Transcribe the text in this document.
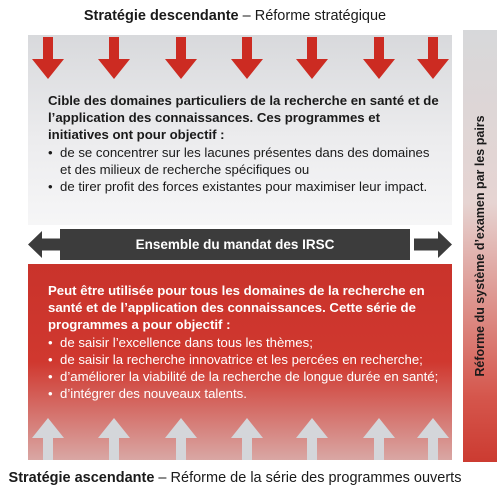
Stratégie descendante – Réforme stratégique
Cible des domaines particuliers de la recherche en santé et de l’application des connaissances. Ces programmes et initiatives ont pour objectif :
• de se concentrer sur les lacunes présentes dans des domaines et des milieux de recherche spécifiques ou
• de tirer profit des forces existantes pour maximiser leur impact.
Ensemble du mandat des IRSC
Peut être utilisée pour tous les domaines de la recherche en santé et de l’application des connaissances. Cette série de programmes a pour objectif :
• de saisir l’excellence dans tous les thèmes;
• de saisir la recherche innovatrice et les percées en recherche;
• d’améliorer la viabilité de la recherche de longue durée en santé;
• d’intégrer des nouveaux talents.
Réforme du système d’examen par les pairs
Stratégie ascendante – Réforme de la série des programmes ouverts
